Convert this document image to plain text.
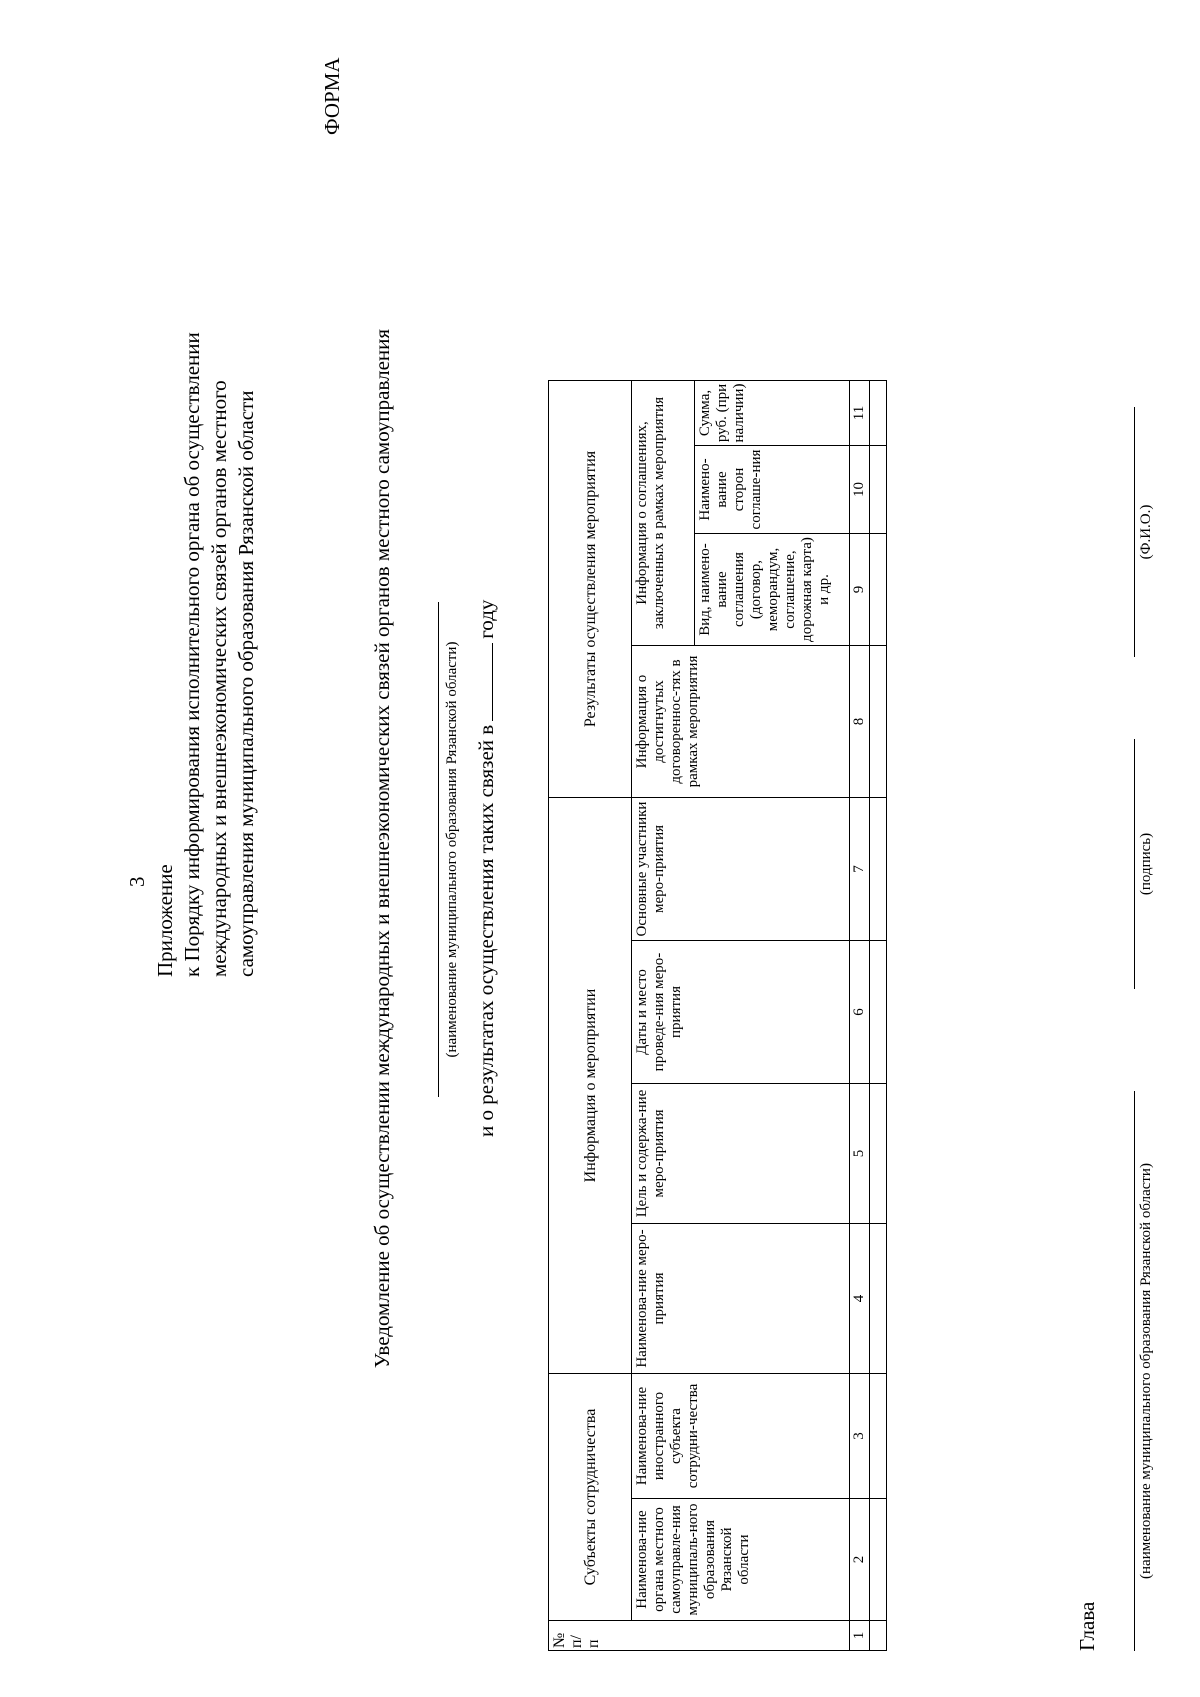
3 Приложение к Порядку информирования исполнительного органа об осуществлении международных и внешнеэкономических связей органов местного самоуправления муниципального образования Рязанской области
ФОРМА
Уведомление об осуществлении международных и внешнеэкономических связей органов местного самоуправления	(наименование муниципального образования Рязанской области) и о результатах осуществления таких связей вгоду
№ п/ п	Субъекты сотрудничества		Информация о мероприятии				Результаты осуществления мероприятия			
	Наименова-ние органа местного самоуправле-ния муниципаль-ного образования Рязанской области	Наименова-ние иностранного субъекта сотрудни-чества	Наименова-ние меро-приятия	Цель и содержа-ние меро-приятия	Даты и место проведе-ния меро-приятия	Основные участники меро-приятия	Информация о достигнутых договореннос-тях в рамках мероприятия	Информация о соглашениях, заключенных в рамках мероприятия		
								Вид, наимено-вание соглашения (договор, меморандум, соглашение, дорожная карта) и др.	Наимено-вание сторон соглаше-ния	Сумма, руб. (при наличии)
1	2	3	4	5	6	7	8	9	10	11

Глава
(наименование муниципального образования Рязанской области)
(подпись)
(Ф.И.О.)
